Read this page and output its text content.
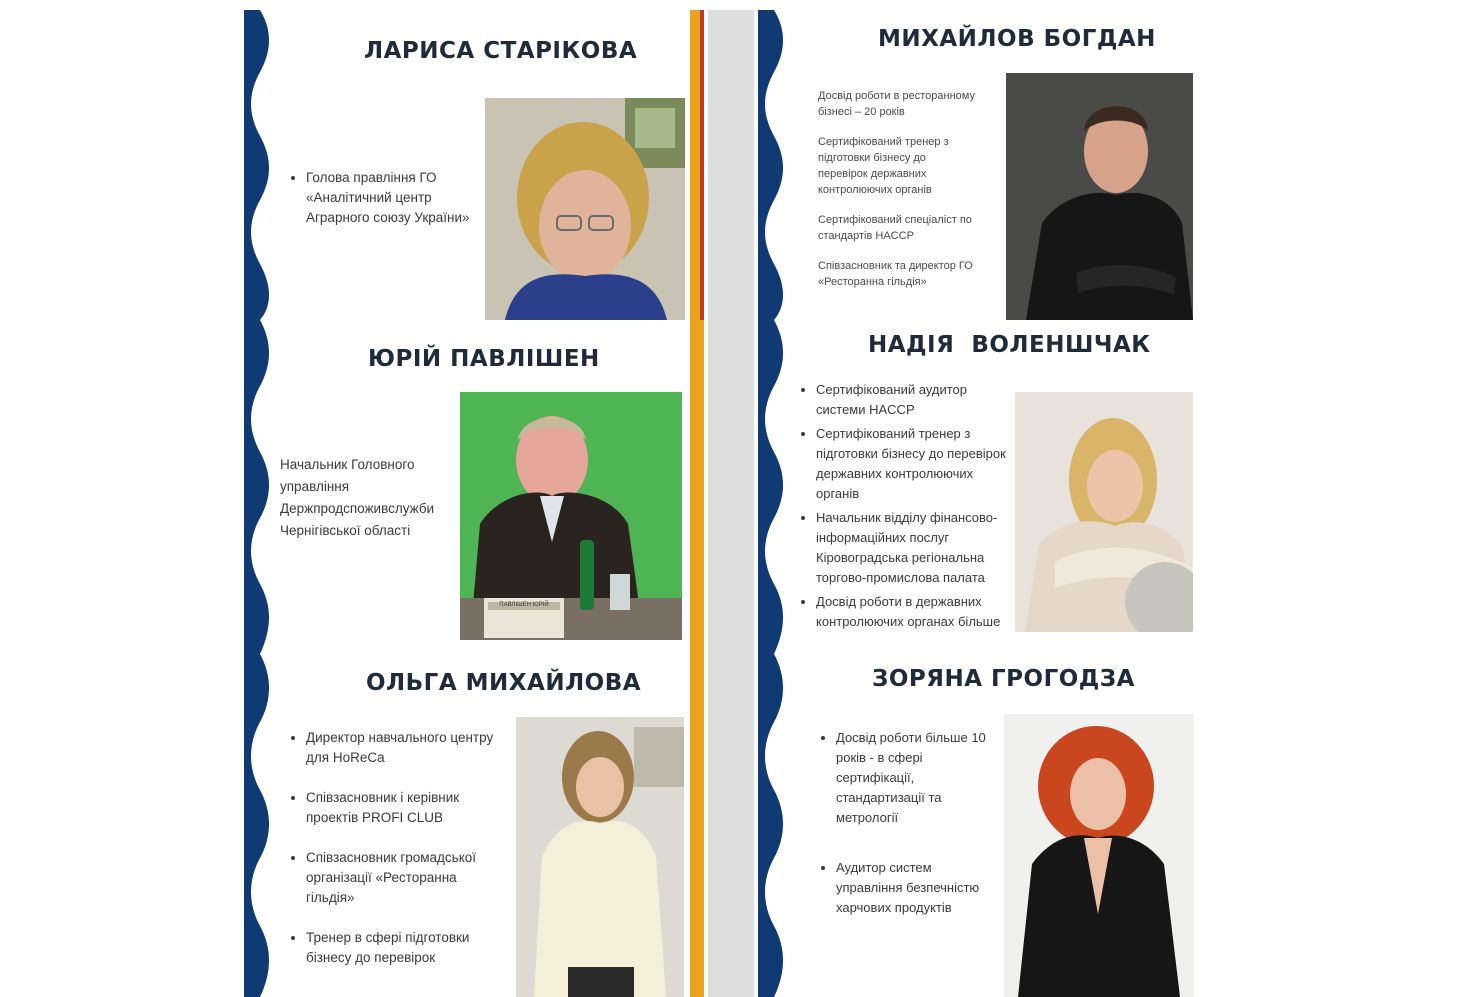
ЛАРИСА СТАРІКОВА
• Голова правління ГО «Аналітичний центр Аграрного союзу України»
ЮРІЙ ПАВЛІШЕН
Начальник Головного управління Держпродспоживслужби Чернігівської області
ПАВЛІШЕН ЮРІЙ
ОЛЬГА МИХАЙЛОВА
• Директор навчального центру для HoReCa
• Співзасновник і керівник проектів PROFI CLUB
• Співзасновник громадської організації «Ресторанна гільдія»
• Тренер в сфері підготовки бізнесу до перевірок
МИХАЙЛОВ БОГДАН

Досвід роботи в ресторанному бізнесі – 20 років

Сертифікований тренер з підготовки бізнесу до перевірок державних контролюючих органів

Сертифікований спеціаліст по стандартів HACCP

Співзасновник та директор ГО «Ресторанна гільдія»

НАДІЯ  ВОЛЕНШЧАК
• Сертифікований аудитор системи HACCP
• Сертифікований тренер з підготовки бізнесу до перевірок державних контролюючих органів
• Начальник відділу фінансово-інформаційних послуг Кіровоградська регіональна торгово-промислова палата
• Досвід роботи в державних контролюючих органах більше
ЗОРЯНА ГРОГОДЗА
• Досвід роботи більше 10 років - в сфері сертифікації, стандартизації та метрології
• Аудитор систем управління безпечністю харчових продуктів
